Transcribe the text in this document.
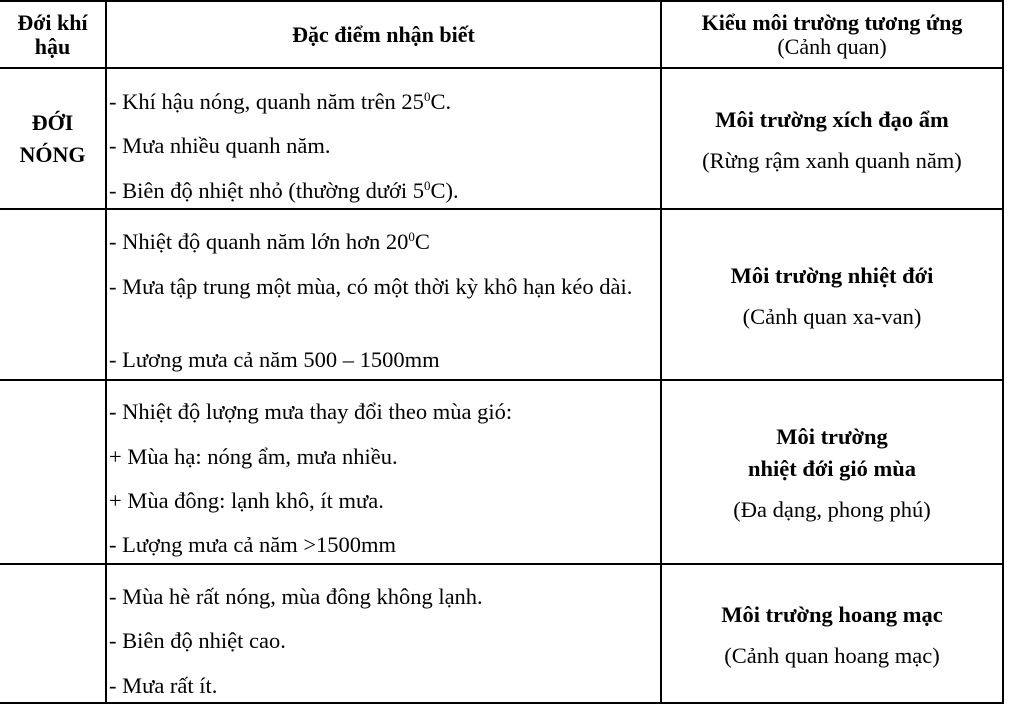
Đới khí hậu	Đặc điểm nhận biết	Kiểu môi trường tương ứng
(Cảnh quan)
ĐỚI
NÓNG
- Khí hậu nóng, quanh năm trên $25^0C$.
- Mưa nhiều quanh năm.
- Biên độ nhiệt nhỏ (thường dưới $5^0C$).
Môi trường xích đạo ẩm
(Rừng rậm xanh quanh năm)
- Nhiệt độ quanh năm lớn hơn $20^0C$
- Mưa tập trung một mùa, có một thời kỳ khô hạn kéo dài.
- Lương mưa cả năm 500 – 1500mm
Môi trường nhiệt đới
(Cảnh quan xa-van)
- Nhiệt độ lượng mưa thay đổi theo mùa gió:
+ Mùa hạ: nóng ẩm, mưa nhiều.
+ Mùa đông: lạnh khô, ít mưa.
- Lượng mưa cả năm >1500mm
Môi trường
nhiệt đới gió mùa
(Đa dạng, phong phú)
- Mùa hè rất nóng, mùa đông không lạnh.
- Biên độ nhiệt cao.
- Mưa rất ít.
Môi trường hoang mạc
(Cảnh quan hoang mạc)
